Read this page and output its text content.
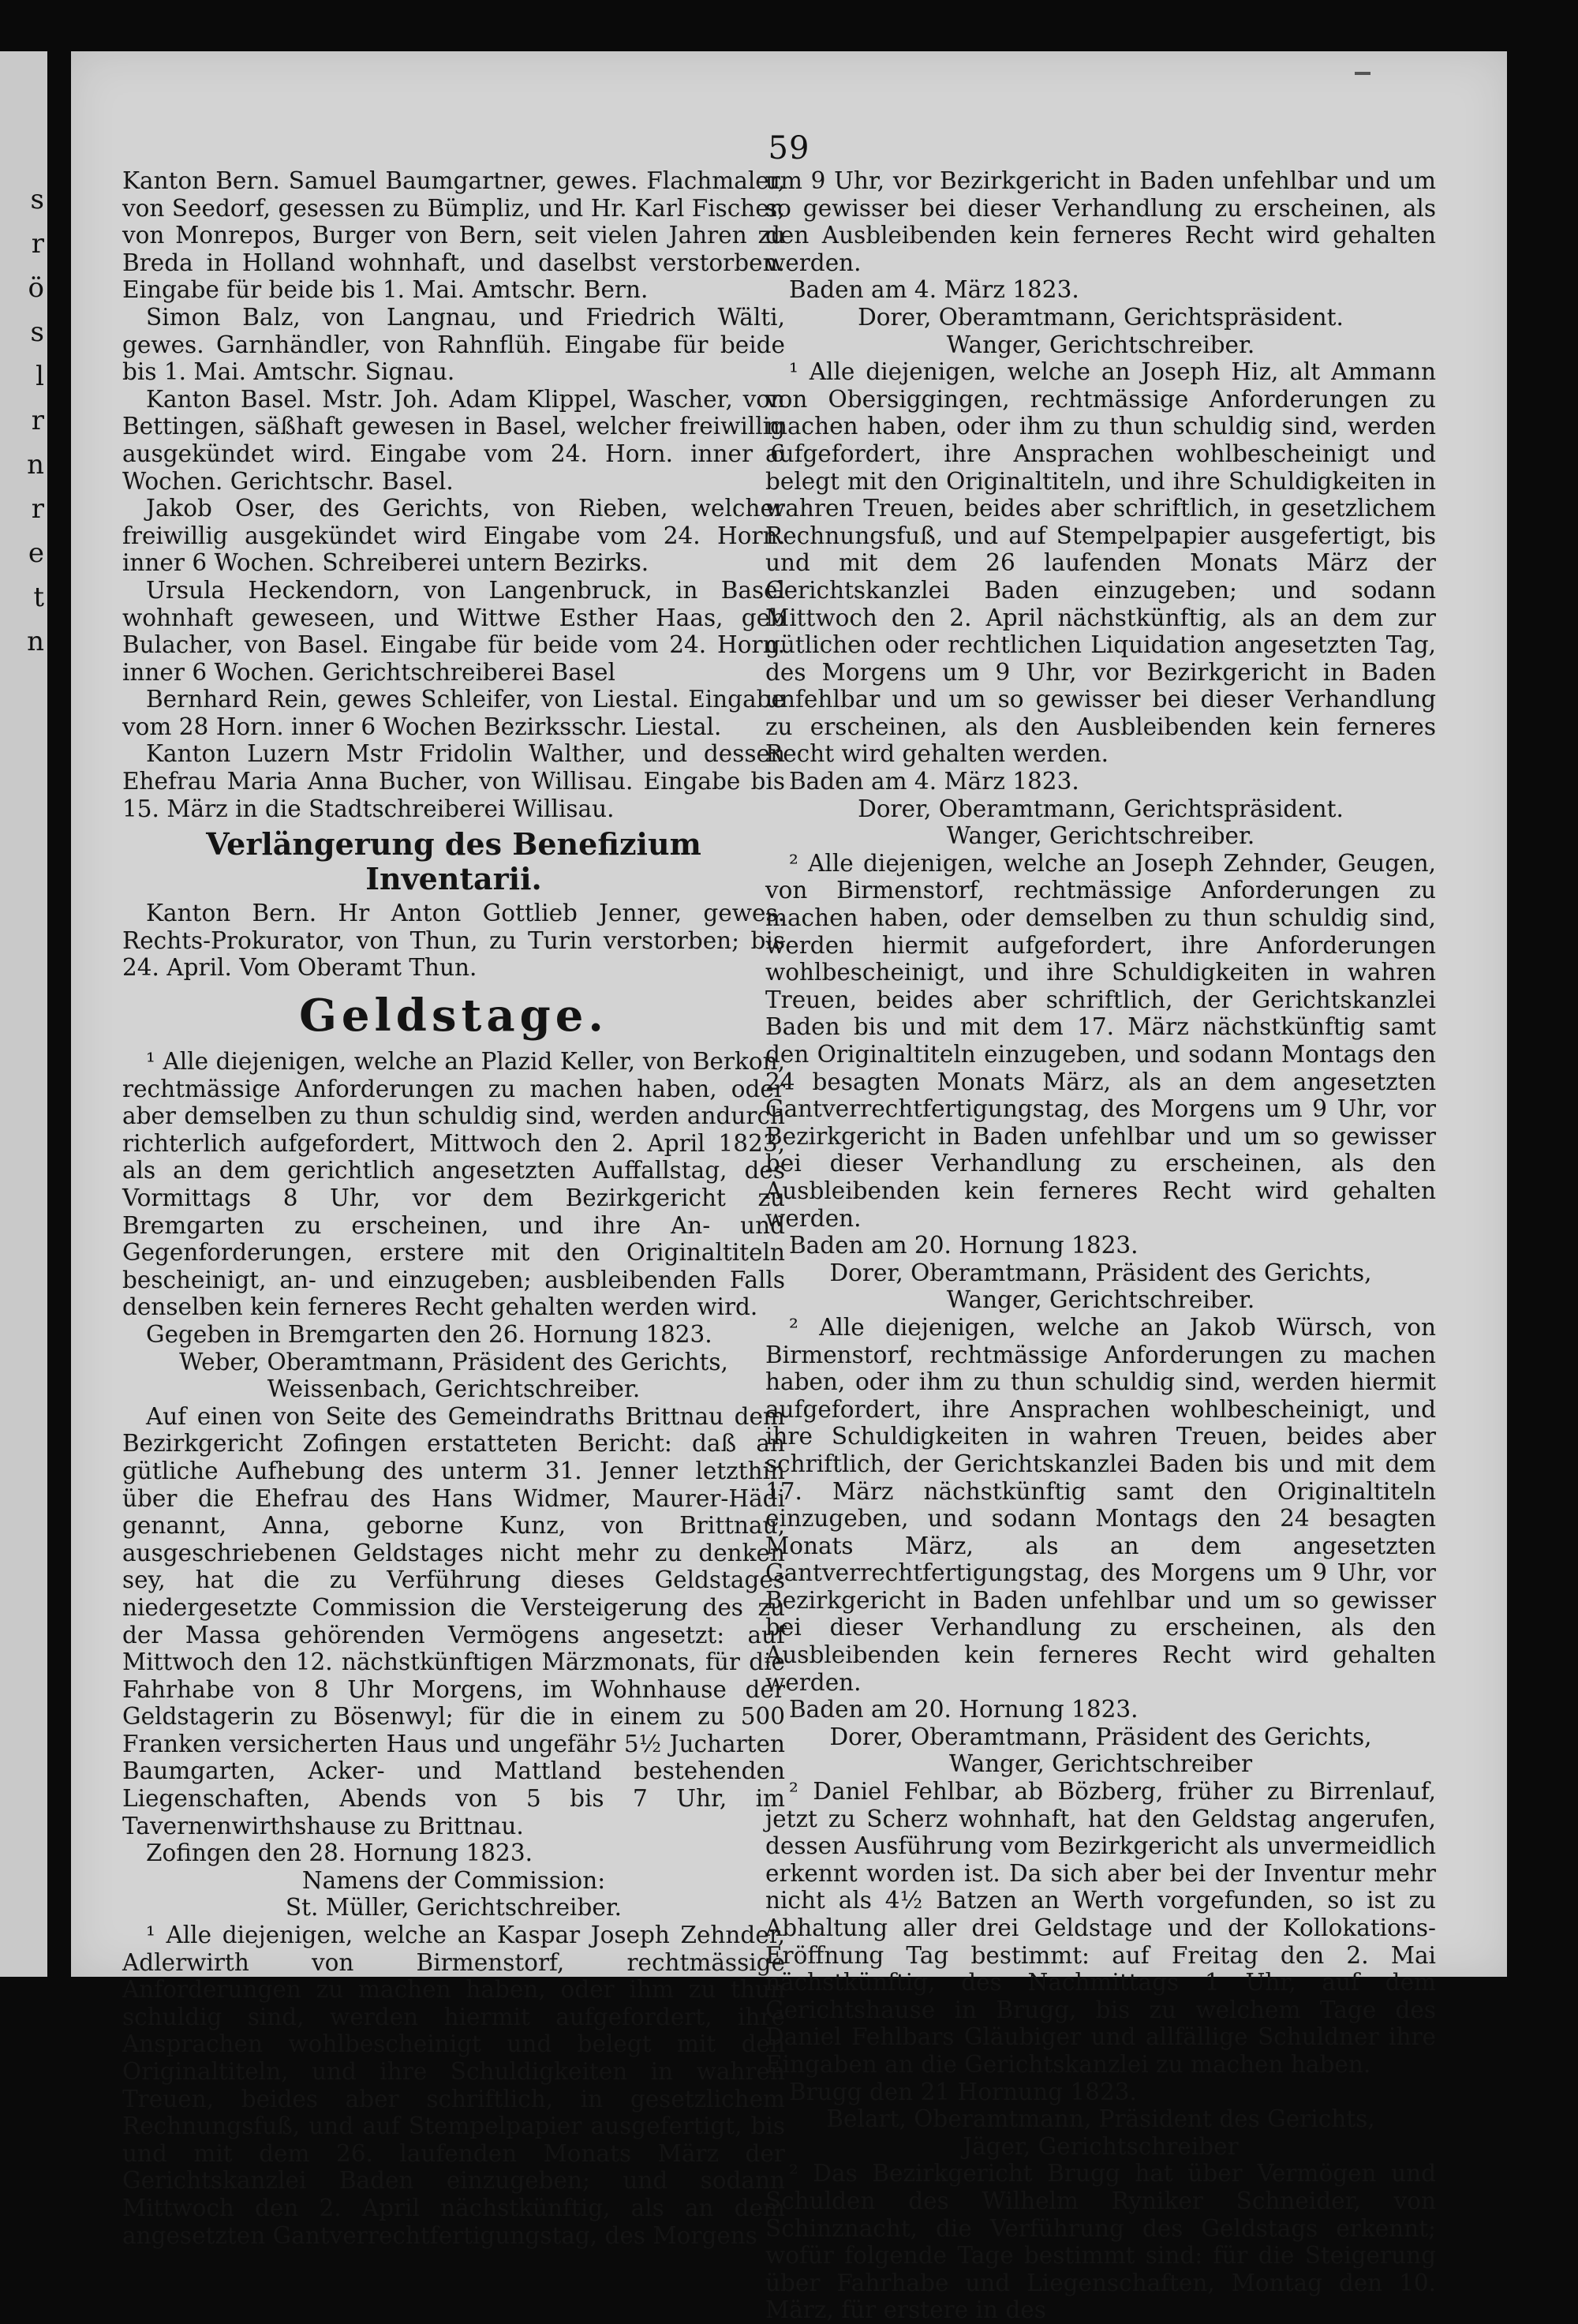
s
r
ö
s
l
r
n
r
e
t
n
59

Kanton Bern. Samuel Baumgartner, gewes. Flachmaler, von Seedorf, gesessen zu Bümpliz, und Hr. Karl Fischer, von Monrepos, Burger von Bern, seit vielen Jahren zu Breda in Holland wohnhaft, und daselbst verstorben. Eingabe für beide bis 1. Mai. Amtschr. Bern.

Simon Balz, von Langnau, und Friedrich Wälti, gewes. Garnhändler, von Rahnflüh. Eingabe für beide bis 1. Mai. Amtschr. Signau.

Kanton Basel. Mstr. Joh. Adam Klippel, Wascher, von Bettingen, säßhaft gewesen in Basel, welcher freiwillig ausgekündet wird. Eingabe vom 24. Horn. inner 6 Wochen. Gerichtschr. Basel.

Jakob Oser, des Gerichts, von Rieben, welcher freiwillig ausgekündet wird Eingabe vom 24. Horn. inner 6 Wochen. Schreiberei untern Bezirks.

Ursula Heckendorn, von Langenbruck, in Basel wohnhaft geweseen, und Wittwe Esther Haas, geb Bulacher, von Basel. Eingabe für beide vom 24. Horn. inner 6 Wochen. Gerichtschreiberei Basel

Bernhard Rein, gewes Schleifer, von Liestal. Eingabe vom 28 Horn. inner 6 Wochen Bezirksschr. Liestal.

Kanton Luzern Mstr Fridolin Walther, und dessen Ehefrau Maria Anna Bucher, von Willisau. Eingabe bis 15. März in die Stadtschreiberei Willisau.

Verlängerung des Benefizium Inventarii.

Kanton Bern. Hr Anton Gottlieb Jenner, gewes. Rechts-Prokurator, von Thun, zu Turin verstorben; bis 24. April. Vom Oberamt Thun.

Geldstage.

¹ Alle diejenigen, welche an Plazid Keller, von Berkon, rechtmässige Anforderungen zu machen haben, oder aber demselben zu thun schuldig sind, werden andurch richterlich aufgefordert, Mittwoch den 2. April 1823, als an dem gerichtlich angesetzten Auffallstag, des Vormittags 8 Uhr, vor dem Bezirkgericht zu Bremgarten zu erscheinen, und ihre An- und Gegenforderungen, erstere mit den Originaltiteln bescheinigt, an- und einzugeben; ausbleibenden Falls denselben kein ferneres Recht gehalten werden wird.

Gegeben in Bremgarten den 26. Hornung 1823.

Weber, Oberamtmann, Präsident des Gerichts,

Weissenbach, Gerichtschreiber.

Auf einen von Seite des Gemeindraths Brittnau dem Bezirkgericht Zofingen erstatteten Bericht: daß an gütliche Aufhebung des unterm 31. Jenner letzthin über die Ehefrau des Hans Widmer, Maurer-Hädi genannt, Anna, geborne Kunz, von Brittnau, ausgeschriebenen Geldstages nicht mehr zu denken sey, hat die zu Verführung dieses Geldstages niedergesetzte Commission die Versteigerung des zu der Massa gehörenden Vermögens angesetzt: auf Mittwoch den 12. nächstkünftigen Märzmonats, für die Fahrhabe von 8 Uhr Morgens, im Wohnhause der Geldstagerin zu Bösenwyl; für die in einem zu 500 Franken versicherten Haus und ungefähr 5½ Jucharten Baumgarten, Acker- und Mattland bestehenden Liegenschaften, Abends von 5 bis 7 Uhr, im Tavernenwirthshause zu Brittnau.

Zofingen den 28. Hornung 1823.

Namens der Commission:

St. Müller, Gerichtschreiber.

¹ Alle diejenigen, welche an Kaspar Joseph Zehnder, Adlerwirth von Birmenstorf, rechtmässige Anforderungen zu machen haben, oder ihm zu thun schuldig sind, werden hiermit aufgefordert, ihre Ansprachen wohlbescheinigt und belegt mit den Originaltiteln, und ihre Schuldigkeiten in wahren Treuen, beides aber schriftlich, in gesetzlichem Rechnungsfuß, und auf Stempelpapier ausgefertigt, bis und mit dem 26. laufenden Monats März der Gerichtskanzlei Baden einzugeben; und sodann Mittwoch den 2. April nächstkünftig, als an dem angesetzten Gantverrechtfertigungstag, des Morgens

um 9 Uhr, vor Bezirkgericht in Baden unfehlbar und um so gewisser bei dieser Verhandlung zu erscheinen, als den Ausbleibenden kein ferneres Recht wird gehalten werden.

Baden am 4. März 1823.

Dorer, Oberamtmann, Gerichtspräsident.

Wanger, Gerichtschreiber.

¹ Alle diejenigen, welche an Joseph Hiz, alt Ammann von Obersiggingen, rechtmässige Anforderungen zu machen haben, oder ihm zu thun schuldig sind, werden aufgefordert, ihre Ansprachen wohlbescheinigt und belegt mit den Originaltiteln, und ihre Schuldigkeiten in wahren Treuen, beides aber schriftlich, in gesetzlichem Rechnungsfuß, und auf Stempelpapier ausgefertigt, bis und mit dem 26 laufenden Monats März der Gerichtskanzlei Baden einzugeben; und sodann Mittwoch den 2. April nächstkünftig, als an dem zur gütlichen oder rechtlichen Liquidation angesetzten Tag, des Morgens um 9 Uhr, vor Bezirkgericht in Baden unfehlbar und um so gewisser bei dieser Verhandlung zu erscheinen, als den Ausbleibenden kein ferneres Recht wird gehalten werden.

Baden am 4. März 1823.

Dorer, Oberamtmann, Gerichtspräsident.

Wanger, Gerichtschreiber.

² Alle diejenigen, welche an Joseph Zehnder, Geugen, von Birmenstorf, rechtmässige Anforderungen zu machen haben, oder demselben zu thun schuldig sind, werden hiermit aufgefordert, ihre Anforderungen wohlbescheinigt, und ihre Schuldigkeiten in wahren Treuen, beides aber schriftlich, der Gerichtskanzlei Baden bis und mit dem 17. März nächstkünftig samt den Originaltiteln einzugeben, und sodann Montags den 24 besagten Monats März, als an dem angesetzten Gantverrechtfertigungstag, des Morgens um 9 Uhr, vor Bezirkgericht in Baden unfehlbar und um so gewisser bei dieser Verhandlung zu erscheinen, als den Ausbleibenden kein ferneres Recht wird gehalten werden.

Baden am 20. Hornung 1823.

Dorer, Oberamtmann, Präsident des Gerichts,

Wanger, Gerichtschreiber.

² Alle diejenigen, welche an Jakob Würsch, von Birmenstorf, rechtmässige Anforderungen zu machen haben, oder ihm zu thun schuldig sind, werden hiermit aufgefordert, ihre Ansprachen wohlbescheinigt, und ihre Schuldigkeiten in wahren Treuen, beides aber schriftlich, der Gerichtskanzlei Baden bis und mit dem 17. März nächstkünftig samt den Originaltiteln einzugeben, und sodann Montags den 24 besagten Monats März, als an dem angesetzten Gantverrechtfertigungstag, des Morgens um 9 Uhr, vor Bezirkgericht in Baden unfehlbar und um so gewisser bei dieser Verhandlung zu erscheinen, als den Ausbleibenden kein ferneres Recht wird gehalten werden.

Baden am 20. Hornung 1823.

Dorer, Oberamtmann, Präsident des Gerichts,

Wanger, Gerichtschreiber

² Daniel Fehlbar, ab Bözberg, früher zu Birrenlauf, jetzt zu Scherz wohnhaft, hat den Geldstag angerufen, dessen Ausführung vom Bezirkgericht als unvermeidlich erkennt worden ist. Da sich aber bei der Inventur mehr nicht als 4½ Batzen an Werth vorgefunden, so ist zu Abhaltung aller drei Geldstage und der Kollokations-Eröffnung Tag bestimmt: auf Freitag den 2. Mai nächstkünftig, des Nachmittags 1 Uhr, auf dem Gerichtshause in Brugg, bis zu welchem Tage des Daniel Fehlbars Gläubiger und allfällige Schuldner ihre Eingaben an die Gerichtskanzlei zu machen haben.

Brugg den 21 Hornung 1823.

Belart, Oberamtmann, Präsident des Gerichts,

Jäger, Gerichtschreiber

² Das Bezirkgericht Brugg hat über Vermögen und Schulden des Wilhelm Ryniker Schneider, von Schinznacht, die Verführung des Geldstags erkennt; wofür folgende Tage bestimmt sind: für die Steigerung über Fahrhabe und Liegenschaften, Montag den 10. März, für erstere in des
